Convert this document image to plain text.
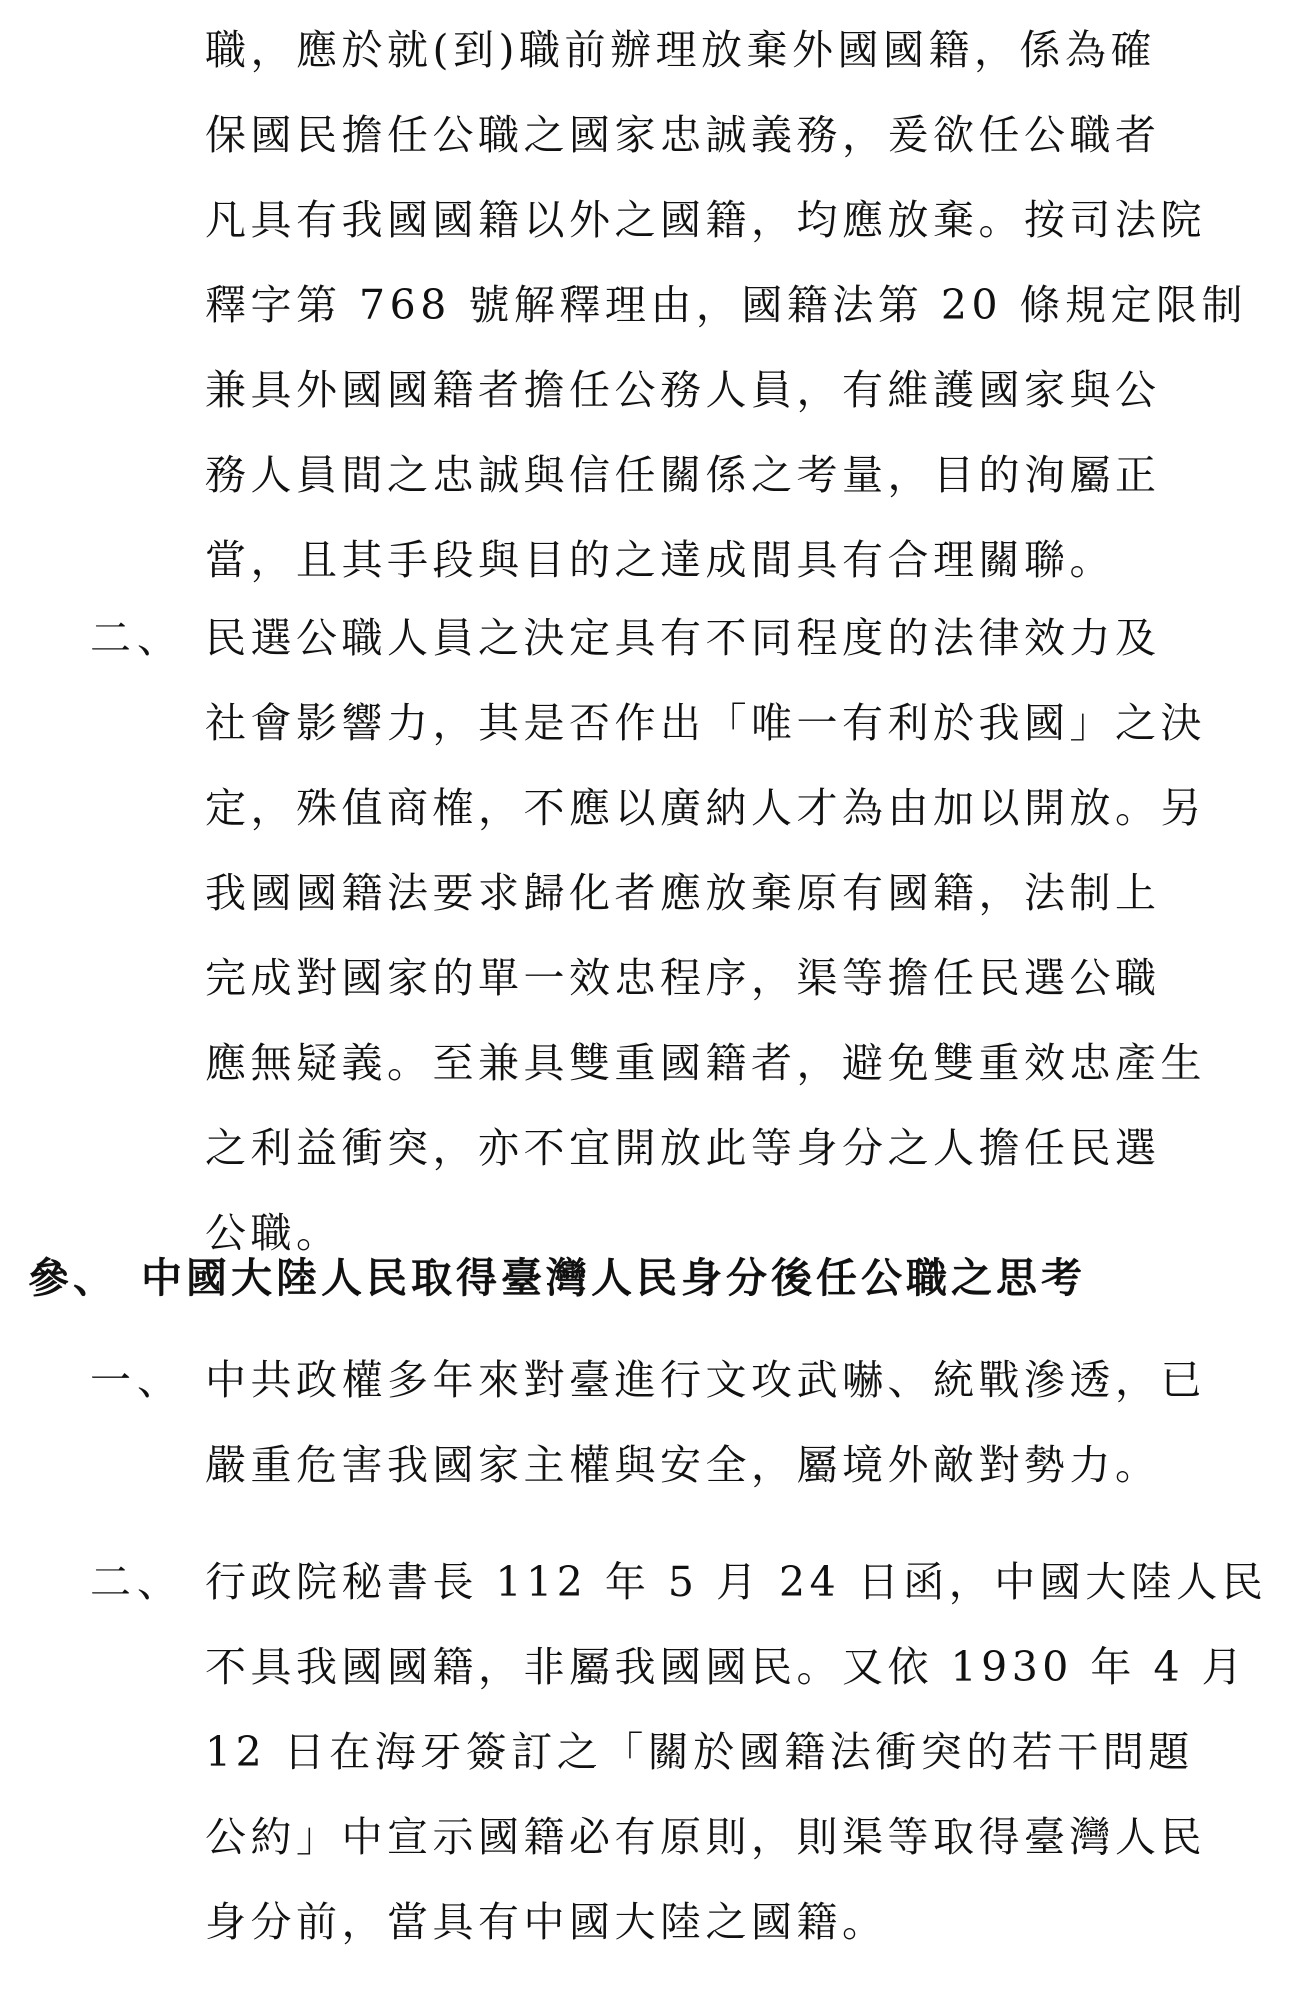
職，應於就(到)職前辦理放棄外國國籍，係為確
保國民擔任公職之國家忠誠義務，爰欲任公職者
凡具有我國國籍以外之國籍，均應放棄。按司法院
釋字第 768 號解釋理由，國籍法第 20 條規定限制
兼具外國國籍者擔任公務人員，有維護國家與公
務人員間之忠誠與信任關係之考量，目的洵屬正
當，且其手段與目的之達成間具有合理關聯。
二、 民選公職人員之決定具有不同程度的法律效力及
社會影響力，其是否作出「唯一有利於我國」之決
定，殊值商榷，不應以廣納人才為由加以開放。另
我國國籍法要求歸化者應放棄原有國籍，法制上
完成對國家的單一效忠程序，渠等擔任民選公職
應無疑義。至兼具雙重國籍者，避免雙重效忠產生
之利益衝突，亦不宜開放此等身分之人擔任民選
公職。
參、 中國大陸人民取得臺灣人民身分後任公職之思考
一、 中共政權多年來對臺進行文攻武嚇、統戰滲透，已
嚴重危害我國家主權與安全，屬境外敵對勢力。
二、 行政院秘書長 112 年 5 月 24 日函，中國大陸人民
不具我國國籍，非屬我國國民。又依 1930 年 4 月
12 日在海牙簽訂之「關於國籍法衝突的若干問題
公約」中宣示國籍必有原則，則渠等取得臺灣人民
身分前，當具有中國大陸之國籍。
